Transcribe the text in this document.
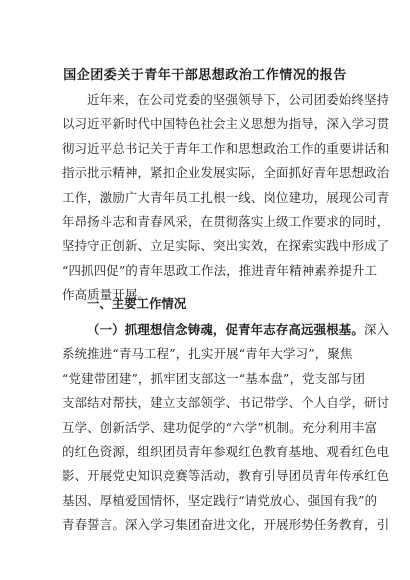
国企团委关于青年干部思想政治工作情况的报告
近年来，在公司党委的坚强领导下，公司团委始终坚持
以习近平新时代中国特色社会主义思想为指导，深入学习贯
彻习近平总书记关于青年工作和思想政治工作的重要讲话和
指示批示精神，紧扣企业发展实际，全面抓好青年思想政治
工作，激励广大青年员工扎根一线、岗位建功，展现公司青
年昂扬斗志和青春风采，在贯彻落实上级工作要求的同时，
坚持守正创新、立足实际、突出实效，在探索实践中形成了
“四抓四促”的青年思政工作法，推进青年精神素养提升工
作高质量开展。
一、主要工作情况
（一）抓理想信念铸魂，促青年志存高远强根基。深入
系统推进“青马工程”，扎实开展“青年大学习”，聚焦
“党建带团建”，抓牢团支部这一“基本盘”，党支部与团
支部结对帮扶，建立支部领学、书记带学、个人自学，研讨
互学、创新活学、建功促学的“六学”机制。充分利用丰富
的红色资源，组织团员青年参观红色教育基地、观看红色电
影、开展党史知识竞赛等活动，教育引导团员青年传承红色
基因、厚植爱国情怀，坚定践行“请党放心、强国有我”的
青春誓言。深入学习集团奋进文化，开展形势任务教育，引
